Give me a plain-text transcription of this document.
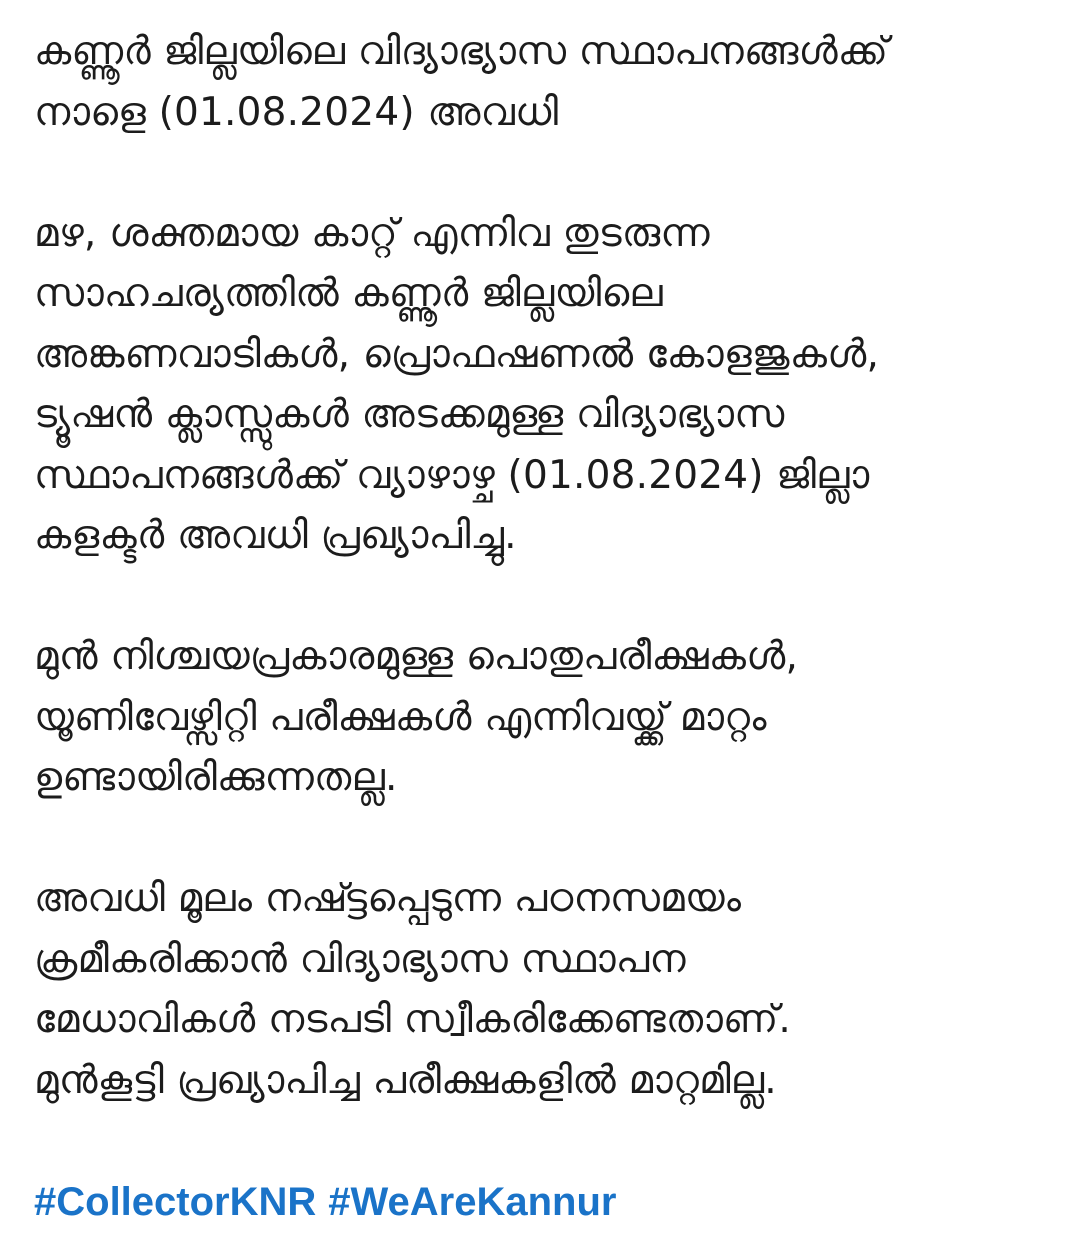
കണ്ണൂർ ജില്ലയിലെ വിദ്യാഭ്യാസ സ്ഥാപനങ്ങൾക്ക്
നാളെ (01.08.2024) അവധി

മഴ, ശക്തമായ കാറ്റ് എന്നിവ തുടരുന്ന
സാഹചര്യത്തിൽ കണ്ണൂർ ജില്ലയിലെ
അങ്കണവാടികൾ, പ്രൊഫഷണൽ കോളജുകൾ,
ട്യൂഷൻ ക്ലാസ്സുകൾ അടക്കമുള്ള വിദ്യാഭ്യാസ
സ്ഥാപനങ്ങൾക്ക് വ്യാഴാഴ്ച (01.08.2024) ജില്ലാ
കളക്ടർ അവധി പ്രഖ്യാപിച്ചു.

മുൻ നിശ്ചയപ്രകാരമുള്ള പൊതുപരീക്ഷകൾ,
യൂണിവേഴ്സിറ്റി പരീക്ഷകൾ എന്നിവയ്ക്ക് മാറ്റം
ഉണ്ടായിരിക്കുന്നതല്ല.

അവധി മൂലം നഷ്ട്ടപ്പെടുന്ന പഠനസമയം
ക്രമീകരിക്കാൻ വിദ്യാഭ്യാസ സ്ഥാപന
മേധാവികൾ നടപടി സ്വീകരിക്കേണ്ടതാണ്.
മുൻകൂട്ടി പ്രഖ്യാപിച്ച പരീക്ഷകളിൽ മാറ്റമില്ല.

#CollectorKNR #WeAreKannur
